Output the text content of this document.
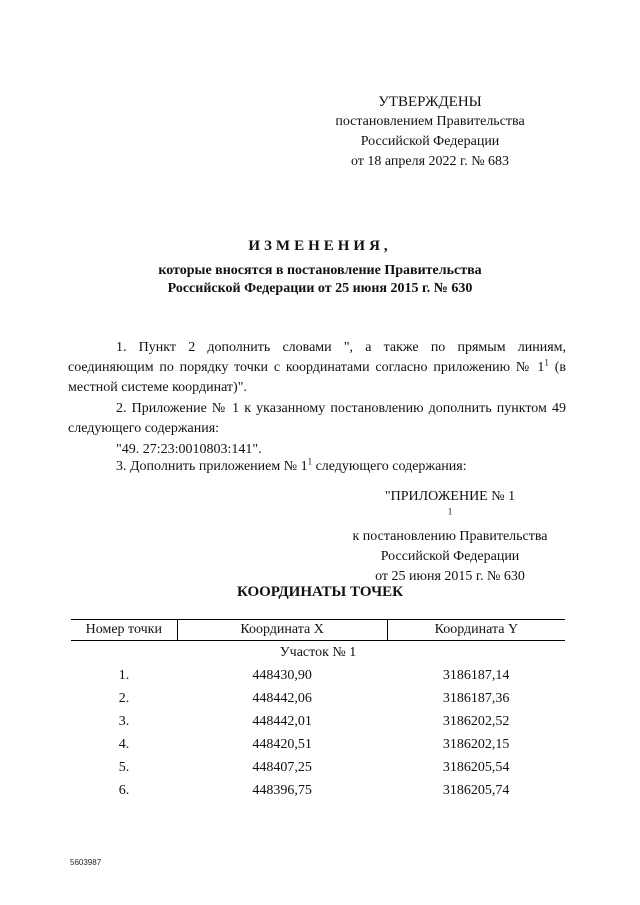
УТВЕРЖДЕНЫ
постановлением Правительства
Российской Федерации
от 18 апреля 2022 г. № 683
ИЗМЕНЕНИЯ,
которые вносятся в постановление Правительства
Российской Федерации от 25 июня 2015 г. № 630
1. Пункт 2 дополнить словами ", а также по прямым линиям, соединяющим по порядку точки с координатами согласно приложению № $1^1$ (в местной системе координат)".
2. Приложение № 1 к указанному постановлению дополнить пунктом 49 следующего содержания:
"49. 27:23:0010803:141".
3. Дополнить приложением № $1^1$ следующего содержания:
"ПРИЛОЖЕНИЕ № 1
$^1$
к постановлению Правительства
Российской Федерации
от 25 июня 2015 г. № 630
КООРДИНАТЫ ТОЧЕК
Номер точки	Координата X	Координата Y
Участок № 1		
1.	448430,90	3186187,14
2.	448442,06	3186187,36
3.	448442,01	3186202,52
4.	448420,51	3186202,15
5.	448407,25	3186205,54
6.	448396,75	3186205,74
5603987
